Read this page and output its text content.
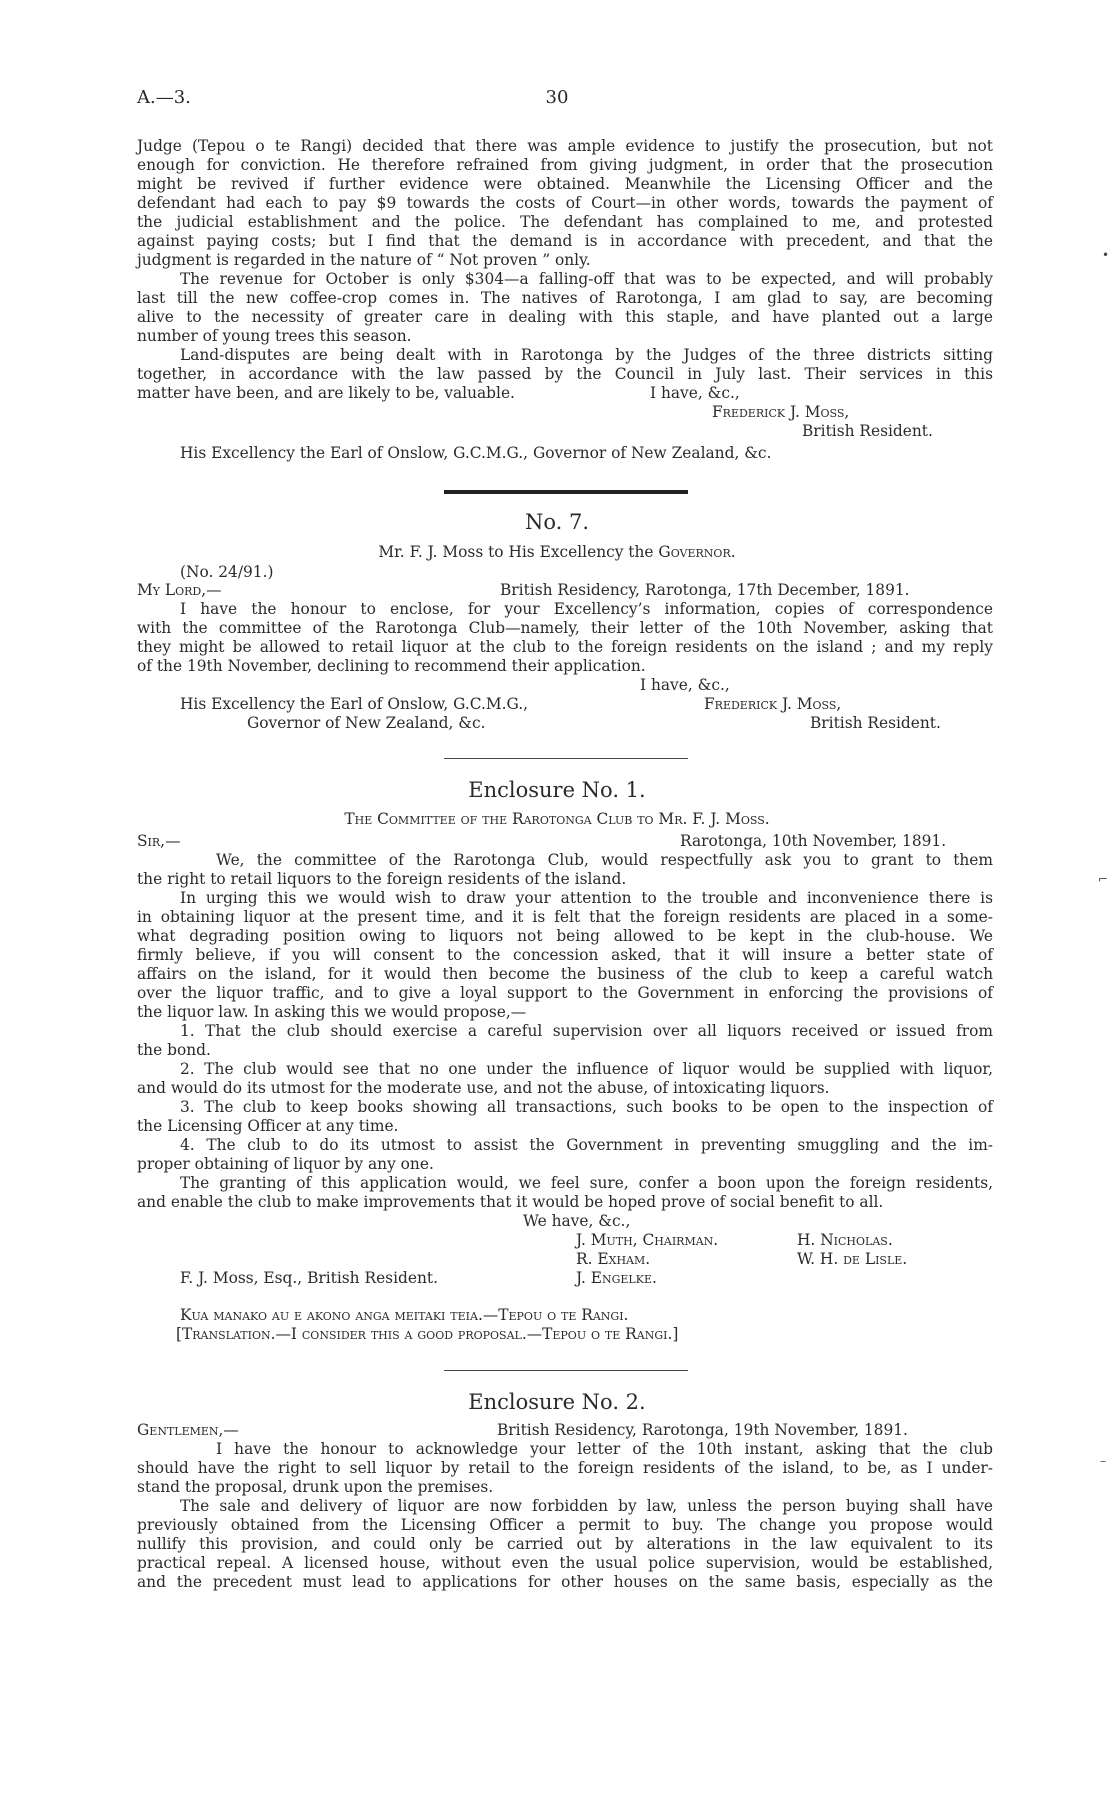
A.—3.	30
Judge (Tepou o te Rangi) decided that there was ample evidence to justify the prosecution, but not
enough for conviction. He therefore refrained from giving judgment, in order that the prosecution
might be revived if further evidence were obtained. Meanwhile the Licensing Officer and the
defendant had each to pay $9 towards the costs of Court—in other words, towards the payment of
the judicial establishment and the police. The defendant has complained to me, and protested
against paying costs; but I find that the demand is in accordance with precedent, and that the
judgment is regarded in the nature of “ Not proven ” only.
The revenue for October is only $304—a falling-off that was to be expected, and will probably
last till the new coffee-crop comes in. The natives of Rarotonga, I am glad to say, are becoming
alive to the necessity of greater care in dealing with this staple, and have planted out a large
number of young trees this season.
Land-disputes are being dealt with in Rarotonga by the Judges of the three districts sitting
together, in accordance with the law passed by the Council in July last. Their services in this
matter have been, and are likely to be, valuable.	I have, &c.,
Frederick J. Moss,
British Resident.
His Excellency the Earl of Onslow, G.C.M.G., Governor of New Zealand, &c.
No. 7.
Mr. F. J. Moss to His Excellency the Governor.
(No. 24/91.)
My Lord,—	British Residency, Rarotonga, 17th December, 1891.
I have the honour to enclose, for your Excellency’s information, copies of correspondence
with the committee of the Rarotonga Club—namely, their letter of the 10th November, asking that
they might be allowed to retail liquor at the club to the foreign residents on the island ; and my reply
of the 19th November, declining to recommend their application.
I have, &c.,
His Excellency the Earl of Onslow, G.C.M.G.,
Governor of New Zealand, &c.
Frederick J. Moss,
British Resident.
Enclosure No. 1.
The Committee of the Rarotonga Club to Mr. F. J. Moss.
Sir,—	Rarotonga, 10th November, 1891.
We, the committee of the Rarotonga Club, would respectfully ask you to grant to them
the right to retail liquors to the foreign residents of the island.
In urging this we would wish to draw your attention to the trouble and inconvenience there is
in obtaining liquor at the present time, and it is felt that the foreign residents are placed in a some-
what degrading position owing to liquors not being allowed to be kept in the club-house. We
firmly believe, if you will consent to the concession asked, that it will insure a better state of
affairs on the island, for it would then become the business of the club to keep a careful watch
over the liquor traffic, and to give a loyal support to the Government in enforcing the provisions of
the liquor law. In asking this we would propose,—
1. That the club should exercise a careful supervision over all liquors received or issued from
the bond.
2. The club would see that no one under the influence of liquor would be supplied with liquor,
and would do its utmost for the moderate use, and not the abuse, of intoxicating liquors.
3. The club to keep books showing all transactions, such books to be open to the inspection of
the Licensing Officer at any time.
4. The club to do its utmost to assist the Government in preventing smuggling and the im-
proper obtaining of liquor by any one.
The granting of this application would, we feel sure, confer a boon upon the foreign residents,
and enable the club to make improvements that it would be hoped prove of social benefit to all.
We have, &c.,
J. Muth, Chairman.
R. Exham.
J. Engelke.
H. Nicholas.
W. H. de Lisle.
F. J. Moss, Esq., British Resident.
Kua manako au e akono anga meitaki teia.—Tepou o te Rangi.
[Translation.—I consider this a good proposal.—Tepou o te Rangi.]
Enclosure No. 2.
Gentlemen,—	British Residency, Rarotonga, 19th November, 1891.
I have the honour to acknowledge your letter of the 10th instant, asking that the club
should have the right to sell liquor by retail to the foreign residents of the island, to be, as I under-
stand the proposal, drunk upon the premises.
The sale and delivery of liquor are now forbidden by law, unless the person buying shall have
previously obtained from the Licensing Officer a permit to buy. The change you propose would
nullify this provision, and could only be carried out by alterations in the law equivalent to its
practical repeal. A licensed house, without even the usual police supervision, would be established,
and the precedent must lead to applications for other houses on the same basis, especially as the
•
⌐
–
